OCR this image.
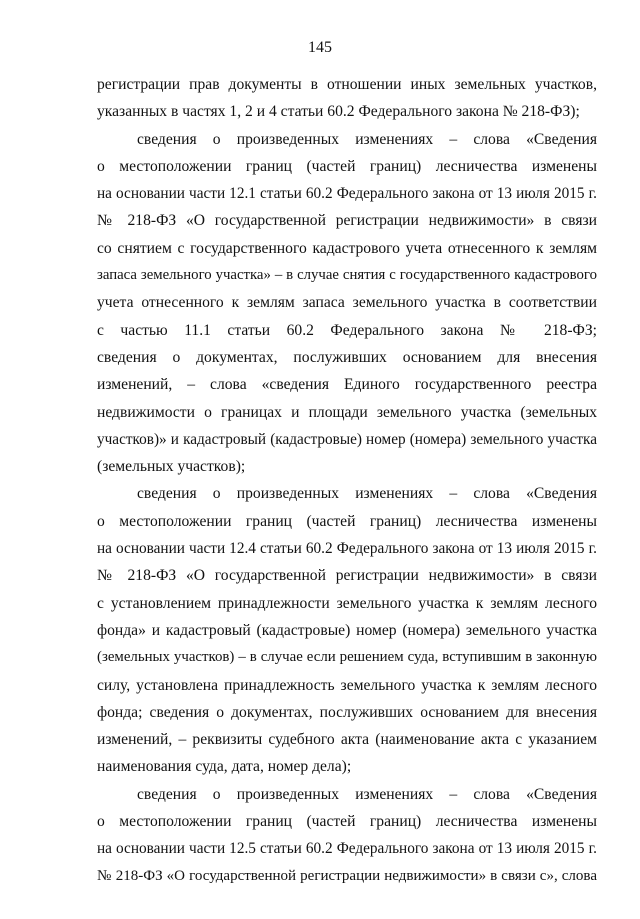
145
регистрации прав документы в отношении иных земельных участков,
указанных в частях 1, 2 и 4 статьи 60.2 Федерального закона № 218-ФЗ);
сведения о произведенных изменениях – слова «Сведения
о местоположении границ (частей границ) лесничества изменены
на основании части 12.1 статьи 60.2 Федерального закона от 13 июля 2015 г.
№ 218-ФЗ «О государственной регистрации недвижимости» в связи
со снятием с государственного кадастрового учета отнесенного к землям
запаса земельного участка» – в случае снятия с государственного кадастрового
учета отнесенного к землям запаса земельного участка в соответствии
с частью 11.1 статьи 60.2 Федерального закона № 218-ФЗ;
сведения о документах, послуживших основанием для внесения
изменений, – слова «сведения Единого государственного реестра
недвижимости о границах и площади земельного участка (земельных
участков)» и кадастровый (кадастровые) номер (номера) земельного участка
(земельных участков);
сведения о произведенных изменениях – слова «Сведения
о местоположении границ (частей границ) лесничества изменены
на основании части 12.4 статьи 60.2 Федерального закона от 13 июля 2015 г.
№ 218-ФЗ «О государственной регистрации недвижимости» в связи
с установлением принадлежности земельного участка к землям лесного
фонда» и кадастровый (кадастровые) номер (номера) земельного участка
(земельных участков) – в случае если решением суда, вступившим в законную
силу, установлена принадлежность земельного участка к землям лесного
фонда; сведения о документах, послуживших основанием для внесения
изменений, – реквизиты судебного акта (наименование акта с указанием
наименования суда, дата, номер дела);
сведения о произведенных изменениях – слова «Сведения
о местоположении границ (частей границ) лесничества изменены
на основании части 12.5 статьи 60.2 Федерального закона от 13 июля 2015 г.
№ 218-ФЗ «О государственной регистрации недвижимости» в связи с», слова
